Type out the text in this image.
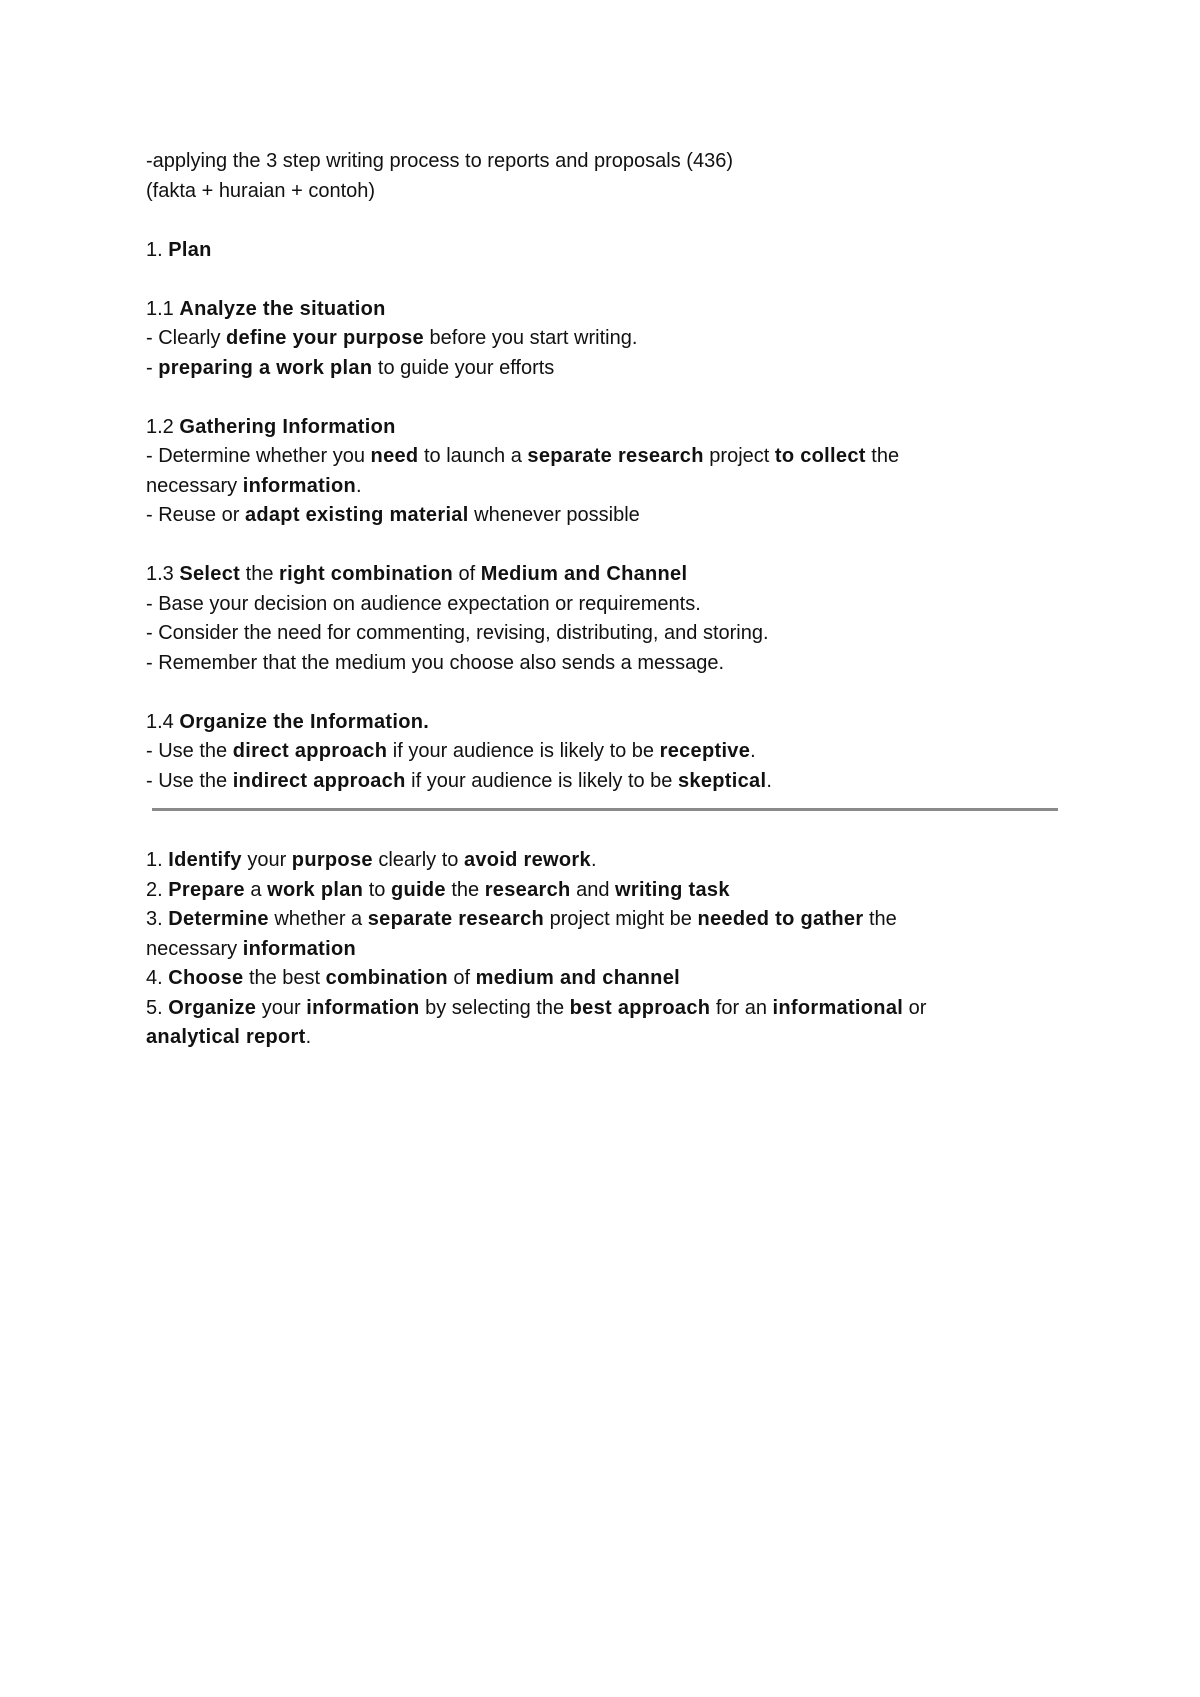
-applying the 3 step writing process to reports and proposals (436)
(fakta + huraian + contoh)
1. Plan
1.1 Analyze the situation
- Clearly define your purpose before you start writing.
- preparing a work plan to guide your efforts
1.2 Gathering Information
- Determine whether you need to launch a separate research project to collect the
necessary information.
- Reuse or adapt existing material whenever possible
1.3 Select the right combination of Medium and Channel
- Base your decision on audience expectation or requirements.
- Consider the need for commenting, revising, distributing, and storing.
- Remember that the medium you choose also sends a message.
1.4 Organize the Information.
- Use the direct approach if your audience is likely to be receptive.
- Use the indirect approach if your audience is likely to be skeptical.
1. Identify your purpose clearly to avoid rework.
2. Prepare a work plan to guide the research and writing task
3. Determine whether a separate research project might be needed to gather the
necessary information
4. Choose the best combination of medium and channel
5. Organize your information by selecting the best approach for an informational or
analytical report.
